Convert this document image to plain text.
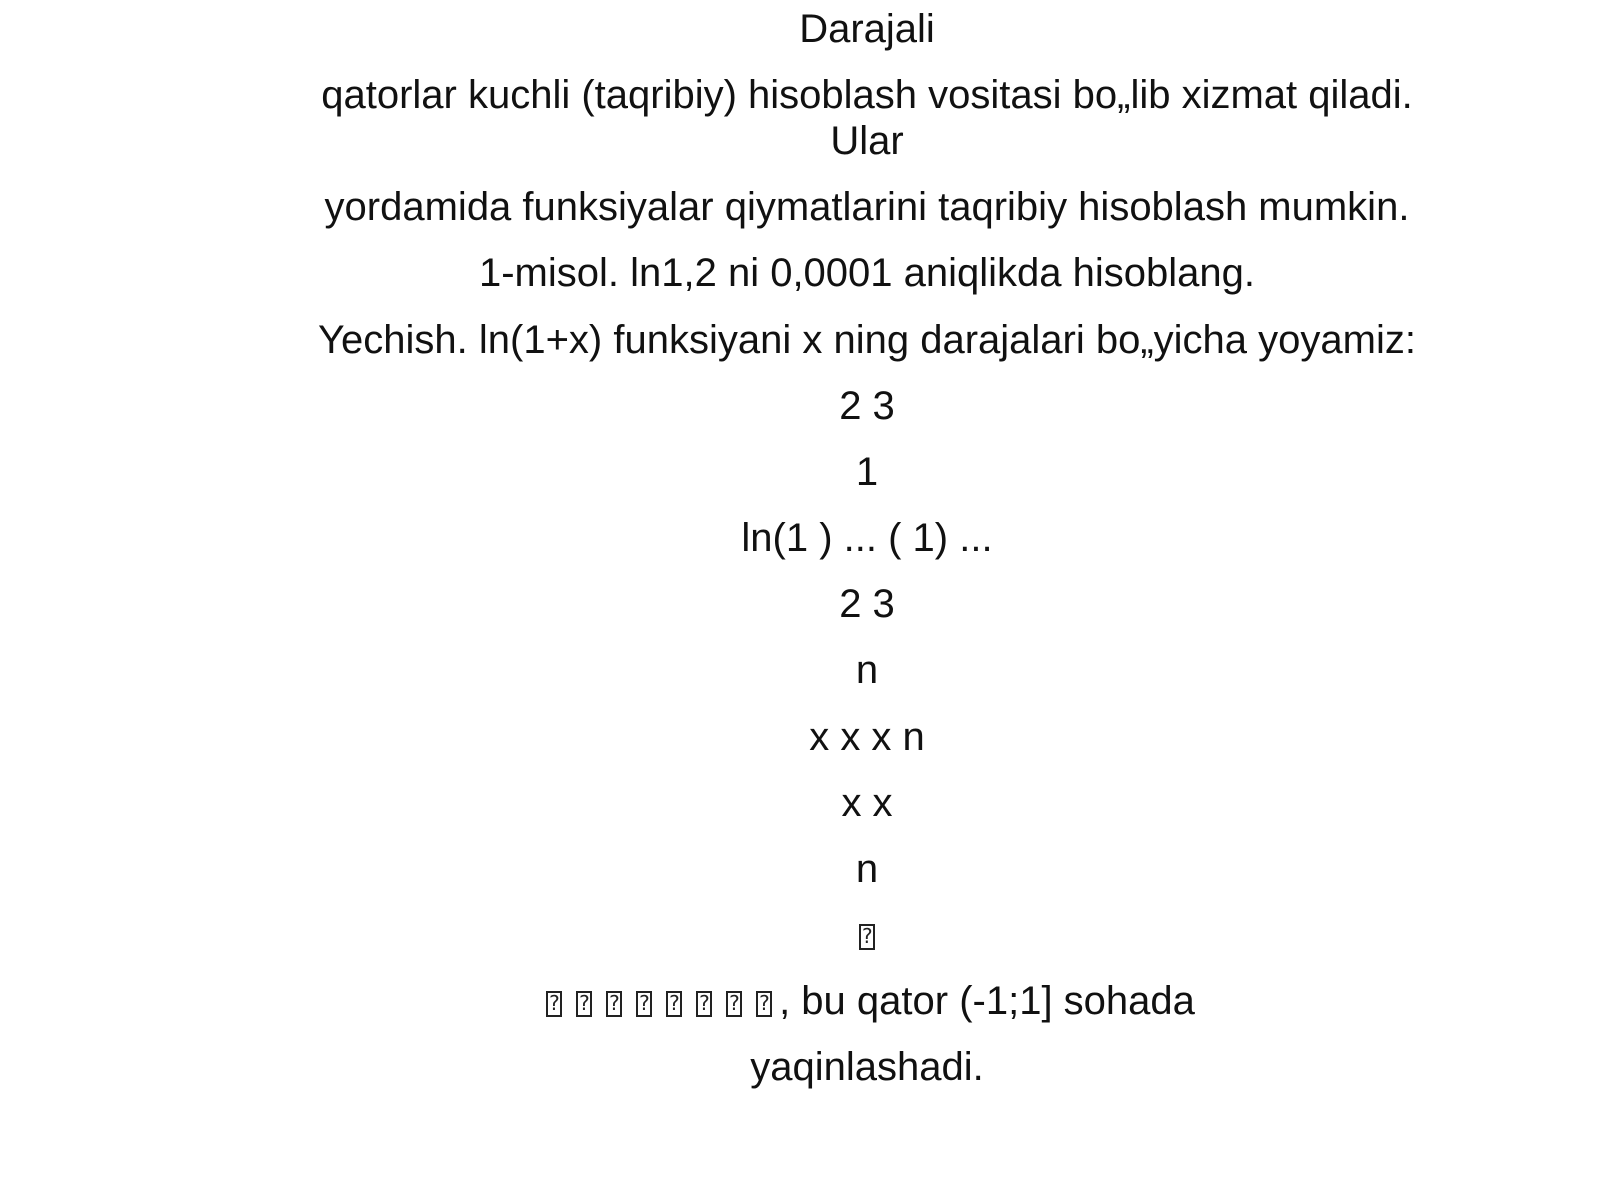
Darajali
qatorlar kuchli (taqribiy) hisoblash vositasi bo„lib xizmat qiladi.
Ular
yordamida funksiyalar qiymatlarini taqribiy hisoblash mumkin.
1-misol. ln1,2 ni 0,0001 aniqlikda hisoblang.
Yechish. ln(1+x) funksiyani x ning darajalari bo„yicha yoyamiz:
2 3
1
ln(1 ) ... ( 1) ...
2 3
n
x x x n
x x
n
?
????????, bu qator (-1;1] sohada
yaqinlashadi.
